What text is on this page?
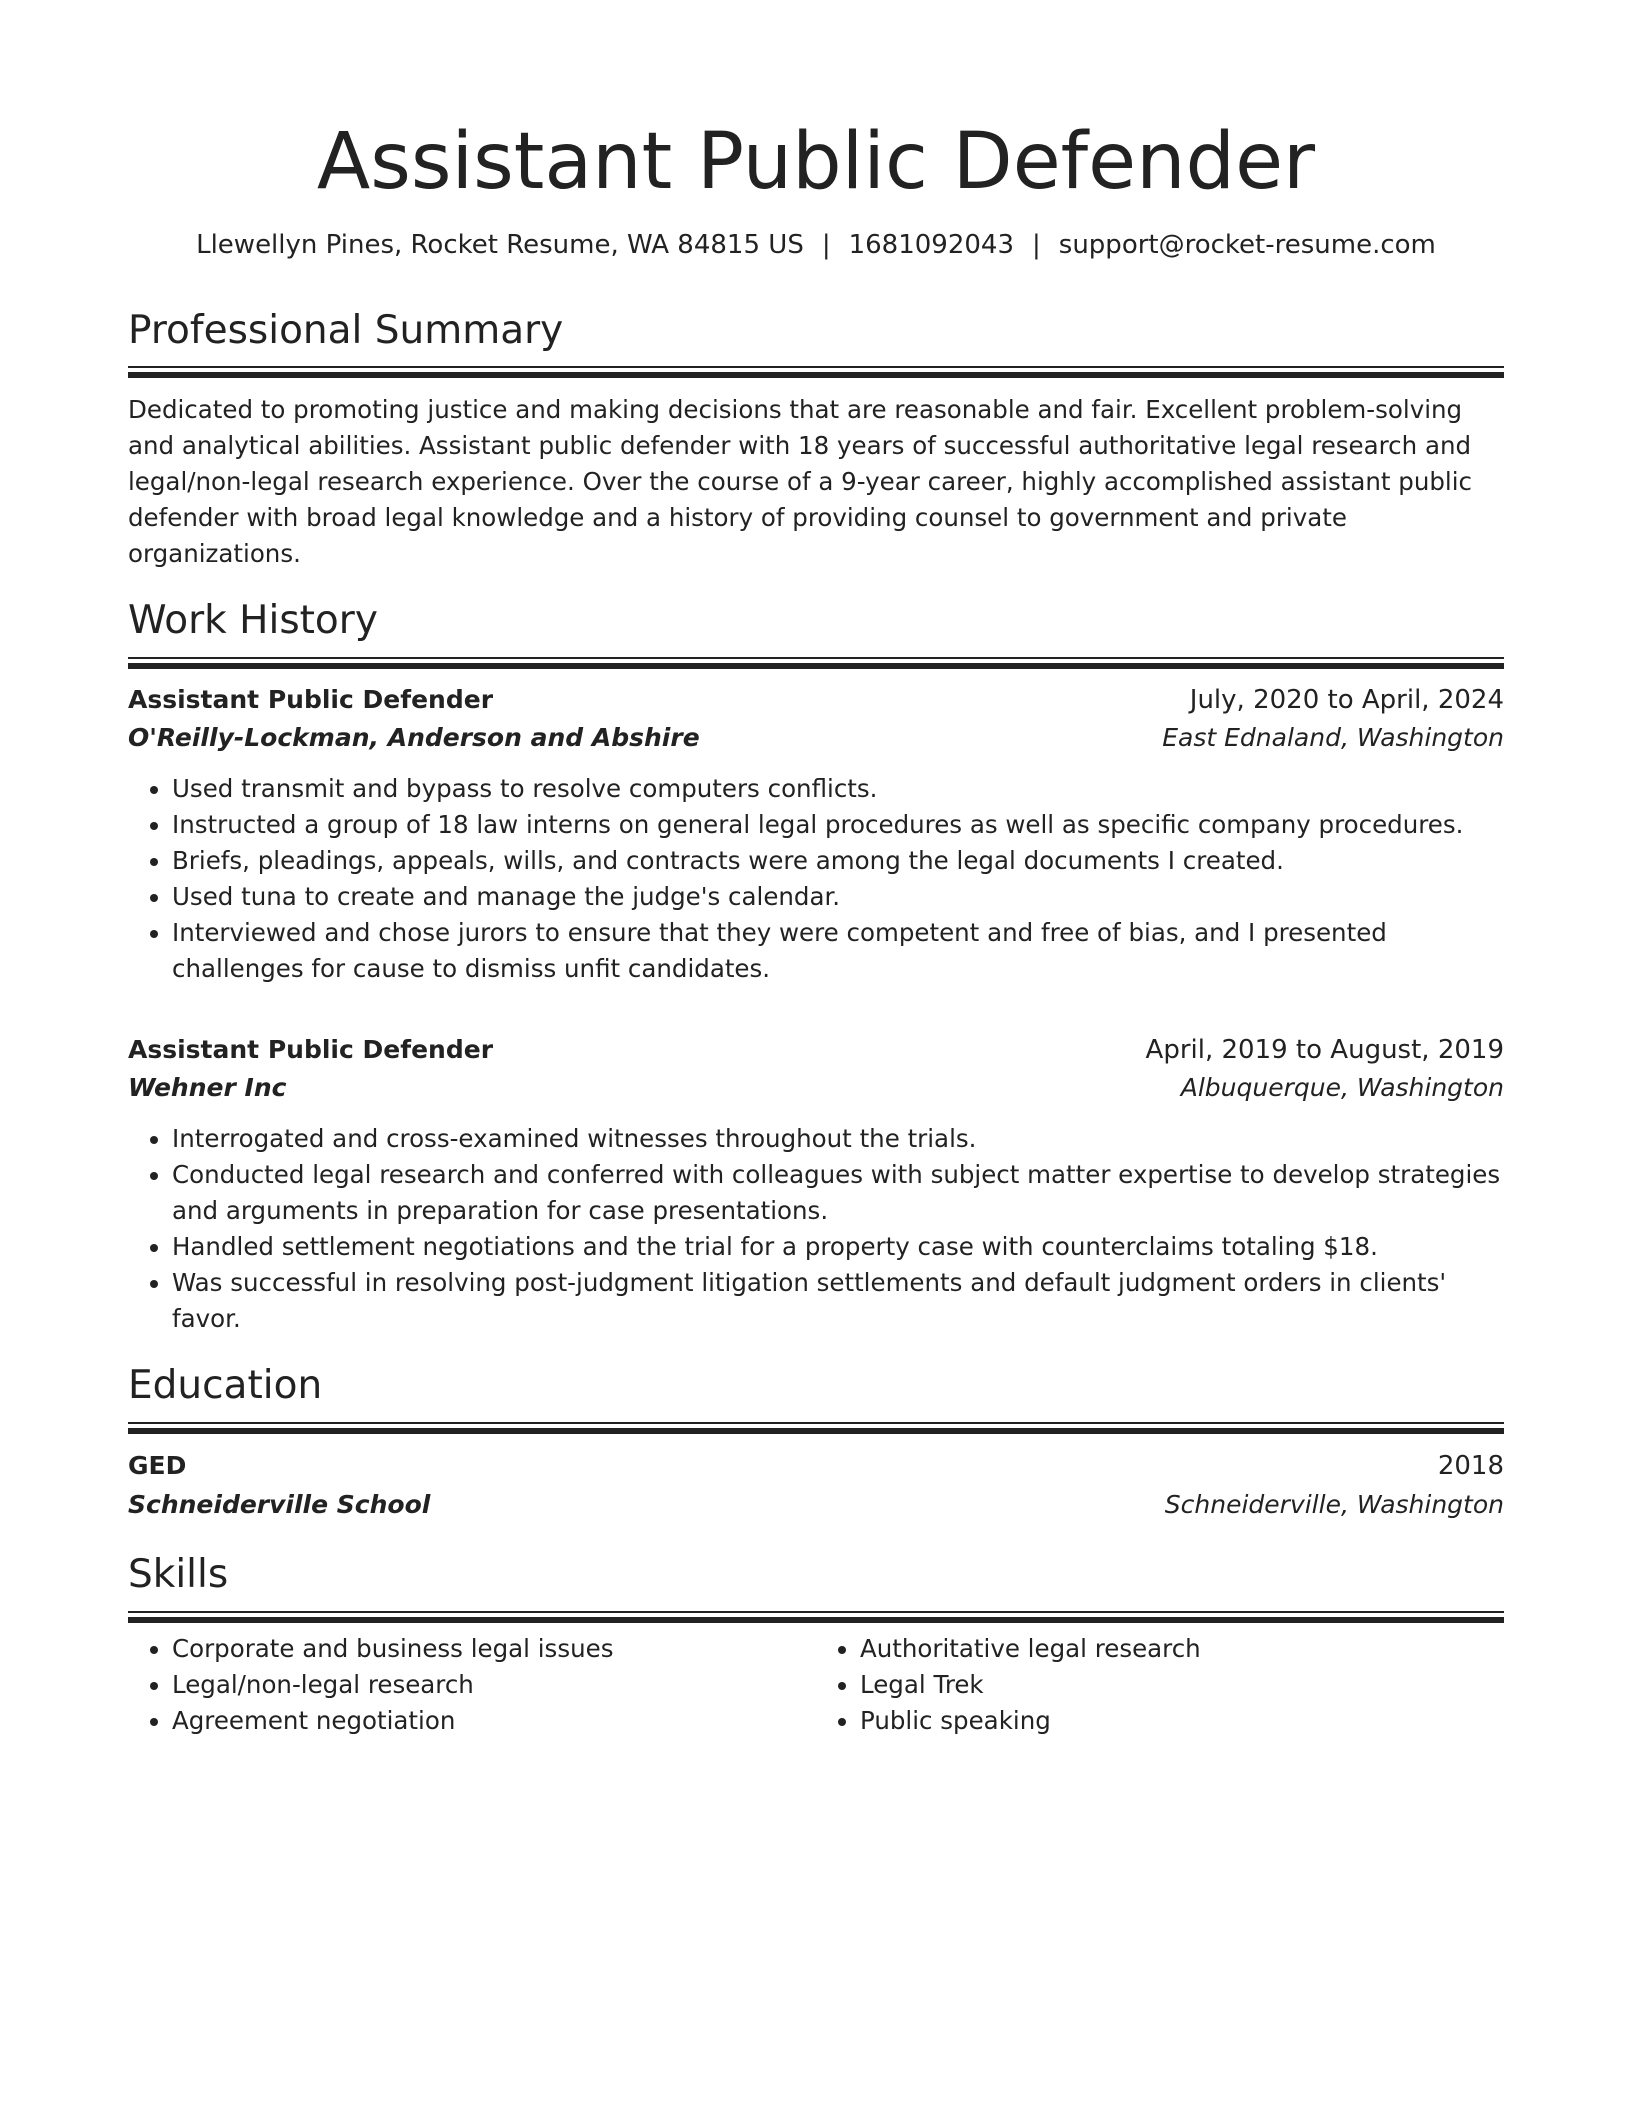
Assistant Public Defender
Llewellyn Pines, Rocket Resume, WA 84815 US | 1681092043 | support@rocket-resume.com
Professional Summary

Dedicated to promoting justice and making decisions that are reasonable and fair. Excellent problem-solving and analytical abilities. Assistant public defender with 18 years of successful authoritative legal research and legal/non-legal research experience. Over the course of a 9-year career, highly accomplished assistant public defender with broad legal knowledge and a history of providing counsel to government and private organizations.

Work History
Assistant Public Defender	July, 2020 to April, 2024
O'Reilly-Lockman, Anderson and Abshire	East Ednaland, Washington
• Used transmit and bypass to resolve computers conflicts.
• Instructed a group of 18 law interns on general legal procedures as well as specific company procedures.
• Briefs, pleadings, appeals, wills, and contracts were among the legal documents I created.
• Used tuna to create and manage the judge's calendar.
• Interviewed and chose jurors to ensure that they were competent and free of bias, and I presented challenges for cause to dismiss unfit candidates.
Assistant Public Defender	April, 2019 to August, 2019
Wehner Inc	Albuquerque, Washington
• Interrogated and cross-examined witnesses throughout the trials.
• Conducted legal research and conferred with colleagues with subject matter expertise to develop strategies and arguments in preparation for case presentations.
• Handled settlement negotiations and the trial for a property case with counterclaims totaling $18.
• Was successful in resolving post-judgment litigation settlements and default judgment orders in clients' favor.
Education
GED	2018
Schneiderville School	Schneiderville, Washington
Skills
• Corporate and business legal issues
• Legal/non-legal research
• Agreement negotiation
• Authoritative legal research
• Legal Trek
• Public speaking
